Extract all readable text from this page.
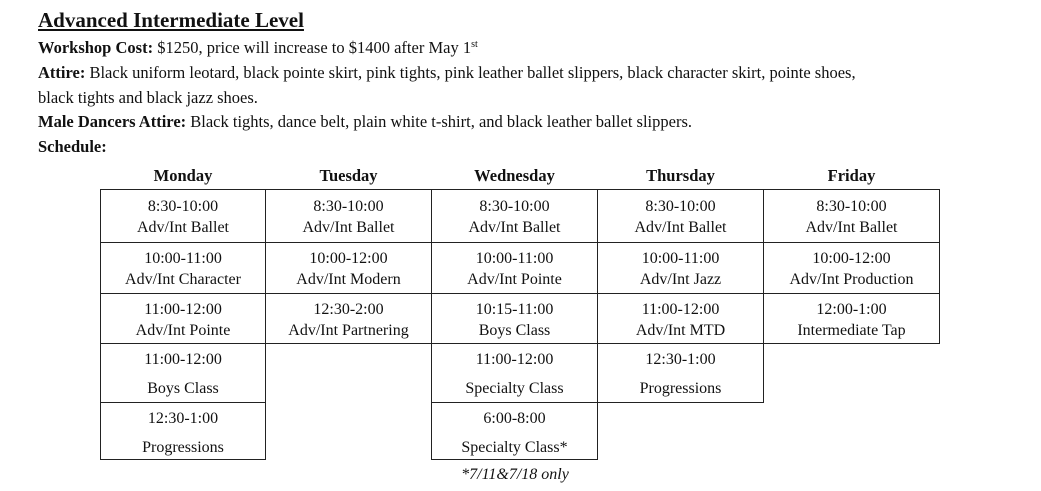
Advanced Intermediate Level
Workshop Cost: $1250, price will increase to $1400 after May 1st
Attire: Black uniform leotard, black pointe skirt, pink tights, pink leather ballet slippers, black character skirt, pointe shoes,
black tights and black jazz shoes.
Male Dancers Attire: Black tights, dance belt, plain white t-shirt, and black leather ballet slippers.
Schedule:
Monday
8:30-10:00
Adv/Int Ballet
10:00-11:00
Adv/Int Character
11:00-12:00
Adv/Int Pointe
11:00-12:00
Boys Class
12:30-1:00
Progressions
Tuesday
8:30-10:00
Adv/Int Ballet
10:00-12:00
Adv/Int Modern
12:30-2:00
Adv/Int Partnering
Wednesday
8:30-10:00
Adv/Int Ballet
10:00-11:00
Adv/Int Pointe
10:15-11:00
Boys Class
11:00-12:00
Specialty Class
6:00-8:00
Specialty Class*
Thursday
8:30-10:00
Adv/Int Ballet
10:00-11:00
Adv/Int Jazz
11:00-12:00
Adv/Int MTD
12:30-1:00
Progressions
Friday
8:30-10:00
Adv/Int Ballet
10:00-12:00
Adv/Int Production
12:00-1:00
Intermediate Tap
*7/11&7/18 only
